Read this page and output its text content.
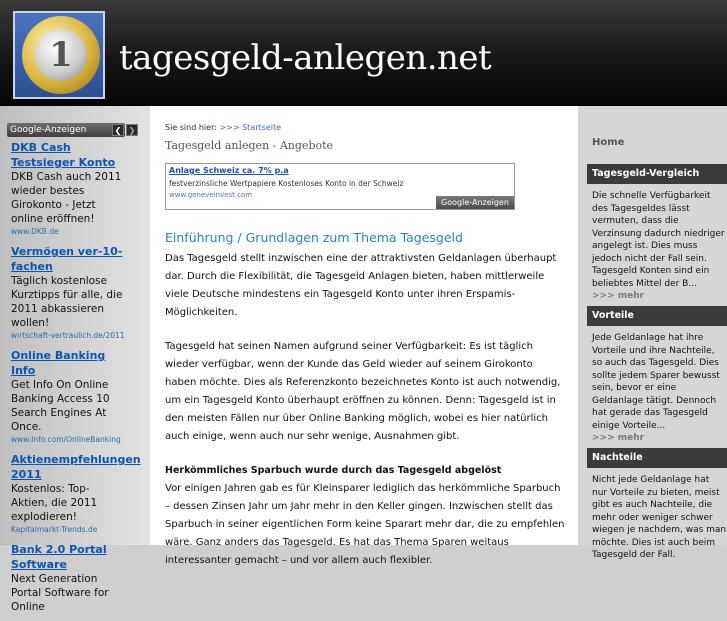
1	tagesgeld-anlegen.net
Google-Anzeigen	❮ ❯
DKB Cash Testsieger Konto
DKB Cash auch 2011 wieder bestes Girokonto - Jetzt online eröffnen!
www.DKB.de
Vermögen ver-10-fachen
Täglich kostenlose Kurztipps für alle, die 2011 abkassieren wollen!
wirtschaft-vertraulich.de/2011
Online Banking Info
Get Info On Online Banking Access 10 Search Engines At Once.
www.Info.com/OnlineBanking
Aktienempfehlungen 2011
Kostenlos: Top-Aktien, die 2011 explodieren!
Kapitalmarkt-Trends.de
Bank 2.0 Portal Software
Next Generation Portal Software for Online
Sie sind hier: >>> Startseite
Tagesgeld anlegen - Angebote
Anlage Schweiz ca. 7% p.a
festverzinsliche Wertpapiere Kostenloses Konto in der Schweiz
www.geneveinvest.com
Google-Anzeigen
Einführung / Grundlagen zum Thema Tagesgeld

Das Tagesgeld stellt inzwischen eine der attraktivsten Geldanlagen überhaupt dar. Durch die Flexibilität, die Tagesgeld Anlagen bieten, haben mittlerweile viele Deutsche mindestens ein Tagesgeld Konto unter ihren Erspamis-Möglichkeiten.

Tagesgeld hat seinen Namen aufgrund seiner Verfügbarkeit: Es ist täglich wieder verfügbar, wenn der Kunde das Geld wieder auf seinem Girokonto haben möchte. Dies als Referenzkonto bezeichnetes Konto ist auch notwendig, um ein Tagesgeld Konto überhaupt eröffnen zu können. Denn: Tagesgeld ist in den meisten Fällen nur über Online Banking möglich, wobei es hier natürlich auch einige, wenn auch nur sehr wenige, Ausnahmen gibt.

Herkömmliches Sparbuch wurde durch das Tagesgeld abgelöst

Vor einigen Jahren gab es für Kleinsparer lediglich das herkömmliche Sparbuch – dessen Zinsen Jahr um Jahr mehr in den Keller gingen. Inzwischen stellt das Sparbuch in seiner eigentlichen Form keine Sparart mehr dar, die zu empfehlen wäre. Ganz anders das Tagesgeld. Es hat das Thema Sparen weitaus interessanter gemacht – und vor allem auch flexibler.

Home
Tagesgeld-Vergleich
Die schnelle Verfügbarkeit des Tagesgeldes lässt vermuten, dass die Verzinsung dadurch niedriger angelegt ist. Dies muss jedoch nicht der Fall sein. Tagesgeld Konten sind ein beliebtes Mittel der B...
>>> mehr
Vorteile
Jede Geldanlage hat ihre Vorteile und ihre Nachteile, so auch das Tagesgeld. Dies sollte jedem Sparer bewusst sein, bevor er eine Geldanlage tätigt. Dennoch hat gerade das Tagesgeld einige Vorteile...
>>> mehr
Nachteile
Nicht jede Geldanlage hat nur Vorteile zu bieten, meist gibt es auch Nachteile, die mehr oder weniger schwer wiegen je nachdem, was man möchte. Dies ist auch beim Tagesgeld der Fall.
